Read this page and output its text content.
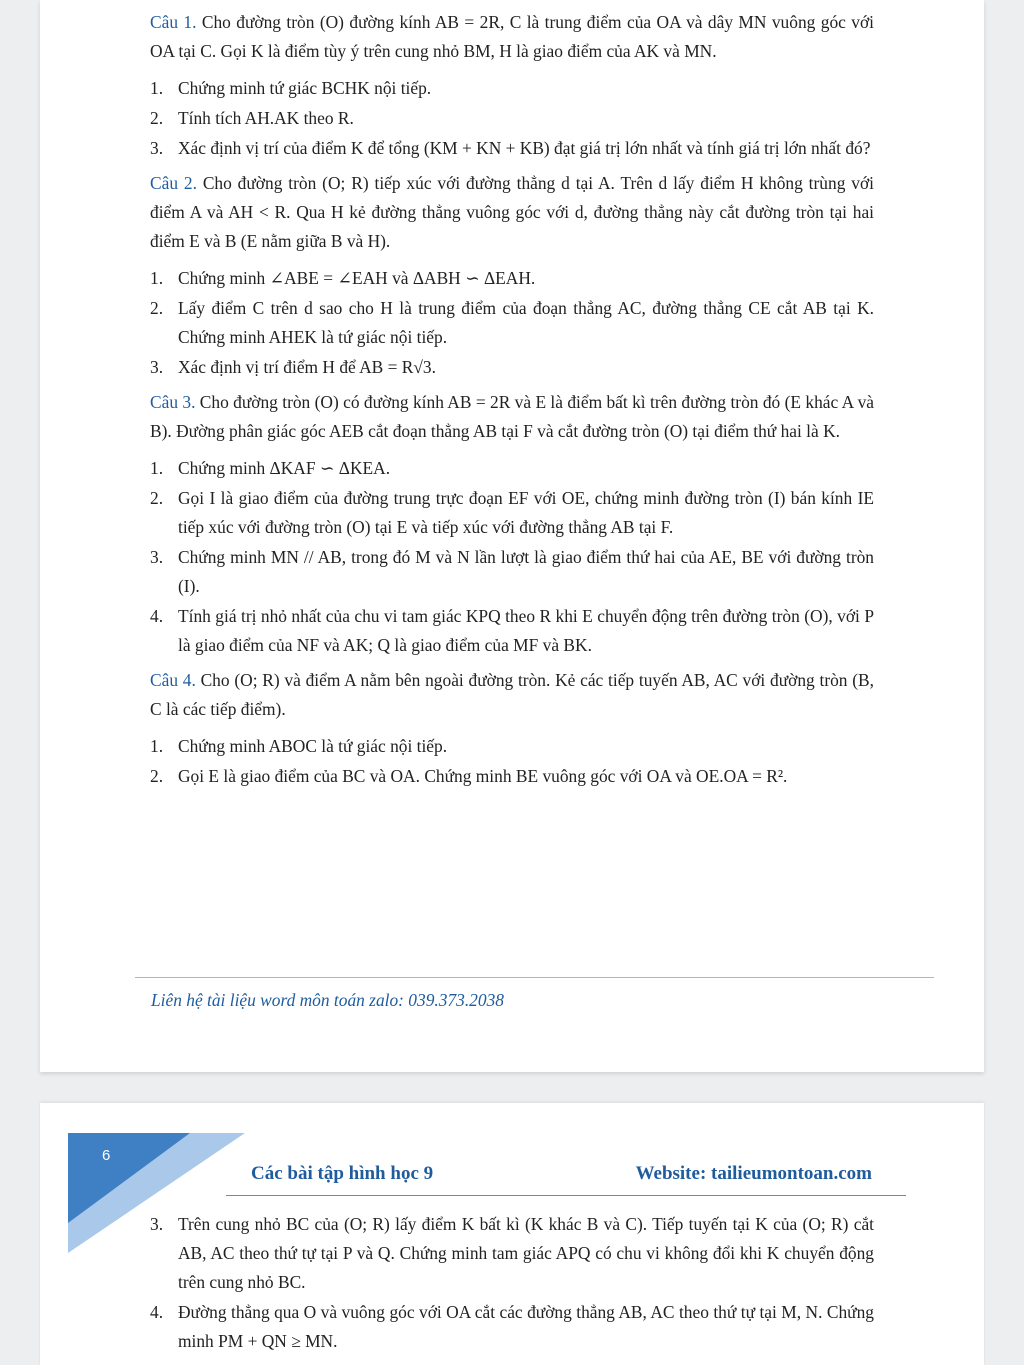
Câu 1. Cho đường tròn (O) đường kính AB = 2R, C là trung điểm của OA và dây MN vuông góc với OA tại C. Gọi K là điểm tùy ý trên cung nhỏ BM, H là giao điểm của AK và MN.
1. Chứng minh tứ giác BCHK nội tiếp.
2. Tính tích AH.AK theo R.
3. Xác định vị trí của điểm K để tổng (KM + KN + KB) đạt giá trị lớn nhất và tính giá trị lớn nhất đó?
Câu 2. Cho đường tròn (O; R) tiếp xúc với đường thẳng d tại A. Trên d lấy điểm H không trùng với điểm A và AH < R. Qua H kẻ đường thẳng vuông góc với d, đường thẳng này cắt đường tròn tại hai điểm E và B (E nằm giữa B và H).
1. Chứng minh ∠ABE = ∠EAH và ΔABH ∽ ΔEAH.
2. Lấy điểm C trên d sao cho H là trung điểm của đoạn thẳng AC, đường thẳng CE cắt AB tại K. Chứng minh AHEK là tứ giác nội tiếp.
3. Xác định vị trí điểm H để AB = R√3.
Câu 3. Cho đường tròn (O) có đường kính AB = 2R và E là điểm bất kì trên đường tròn đó (E khác A và B). Đường phân giác góc AEB cắt đoạn thẳng AB tại F và cắt đường tròn (O) tại điểm thứ hai là K.
1. Chứng minh ΔKAF ∽ ΔKEA.
2. Gọi I là giao điểm của đường trung trực đoạn EF với OE, chứng minh đường tròn (I) bán kính IE tiếp xúc với đường tròn (O) tại E và tiếp xúc với đường thẳng AB tại F.
3. Chứng minh MN // AB, trong đó M và N lần lượt là giao điểm thứ hai của AE, BE với đường tròn (I).
4. Tính giá trị nhỏ nhất của chu vi tam giác KPQ theo R khi E chuyển động trên đường tròn (O), với P là giao điểm của NF và AK; Q là giao điểm của MF và BK.
Câu 4. Cho (O; R) và điểm A nằm bên ngoài đường tròn. Kẻ các tiếp tuyến AB, AC với đường tròn (B, C là các tiếp điểm).
1. Chứng minh ABOC là tứ giác nội tiếp.
2. Gọi E là giao điểm của BC và OA. Chứng minh BE vuông góc với OA và OE.OA = R².
Liên hệ tài liệu word môn toán zalo: 039.373.2038
6
Các bài tập hình học 9	Website: tailieumontoan.com
3. Trên cung nhỏ BC của (O; R) lấy điểm K bất kì (K khác B và C). Tiếp tuyến tại K của (O; R) cắt AB, AC theo thứ tự tại P và Q. Chứng minh tam giác APQ có chu vi không đổi khi K chuyển động trên cung nhỏ BC.
4. Đường thẳng qua O và vuông góc với OA cắt các đường thẳng AB, AC theo thứ tự tại M, N. Chứng minh PM + QN ≥ MN.
